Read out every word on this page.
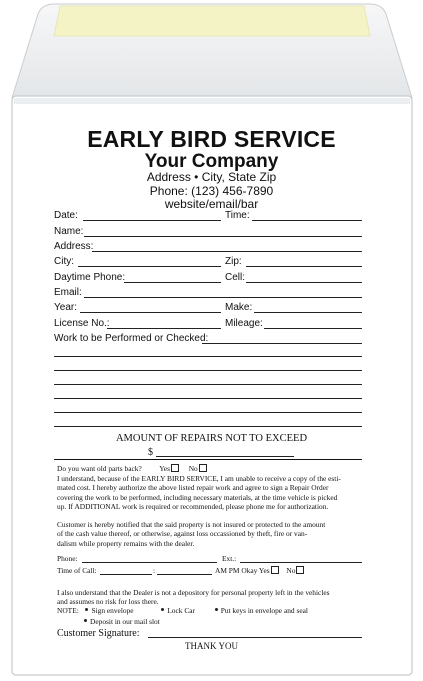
EARLY BIRD SERVICE
Your Company
Address • City, State Zip
Phone: (123) 456-7890
website/email/bar
Date:	Time:
Name:
Address:
City:	Zip:
Daytime Phone:	Cell:
Email:
Year:	Make:
License No.:	Mileage:
Work to be Performed or Checked:
AMOUNT OF REPAIRS NOT TO EXCEED
$
Do you want old parts back? Yes	No
I understand, because of the EARLY BIRD SERVICE, I am unable to receive a copy of the esti-
mated cost. I hereby authorize the above listed repair work and agree to sign a Repair Order
covering the work to be performed, including necessary materials, at the time vehicle is picked
up. If ADDITIONAL work is required or recommended, please phone me for authorization.
Customer is hereby notified that the said property is not insured or protected to the amount
of the cash value thereof, or otherwise, against loss occassioned by theft, fire or van-
dalism while property remains with the dealer.
Phone:	Ext.:
Time of Call:	:	AM PM Okay Yes No
I also understand that the Dealer is not a depository for personal property left in the vehicles
and assumes no risk for loss there.
NOTE: Sign envelope	Lock Car	Put keys in envelope and seal
Deposit in our mail slot
Customer Signature:
THANK YOU
